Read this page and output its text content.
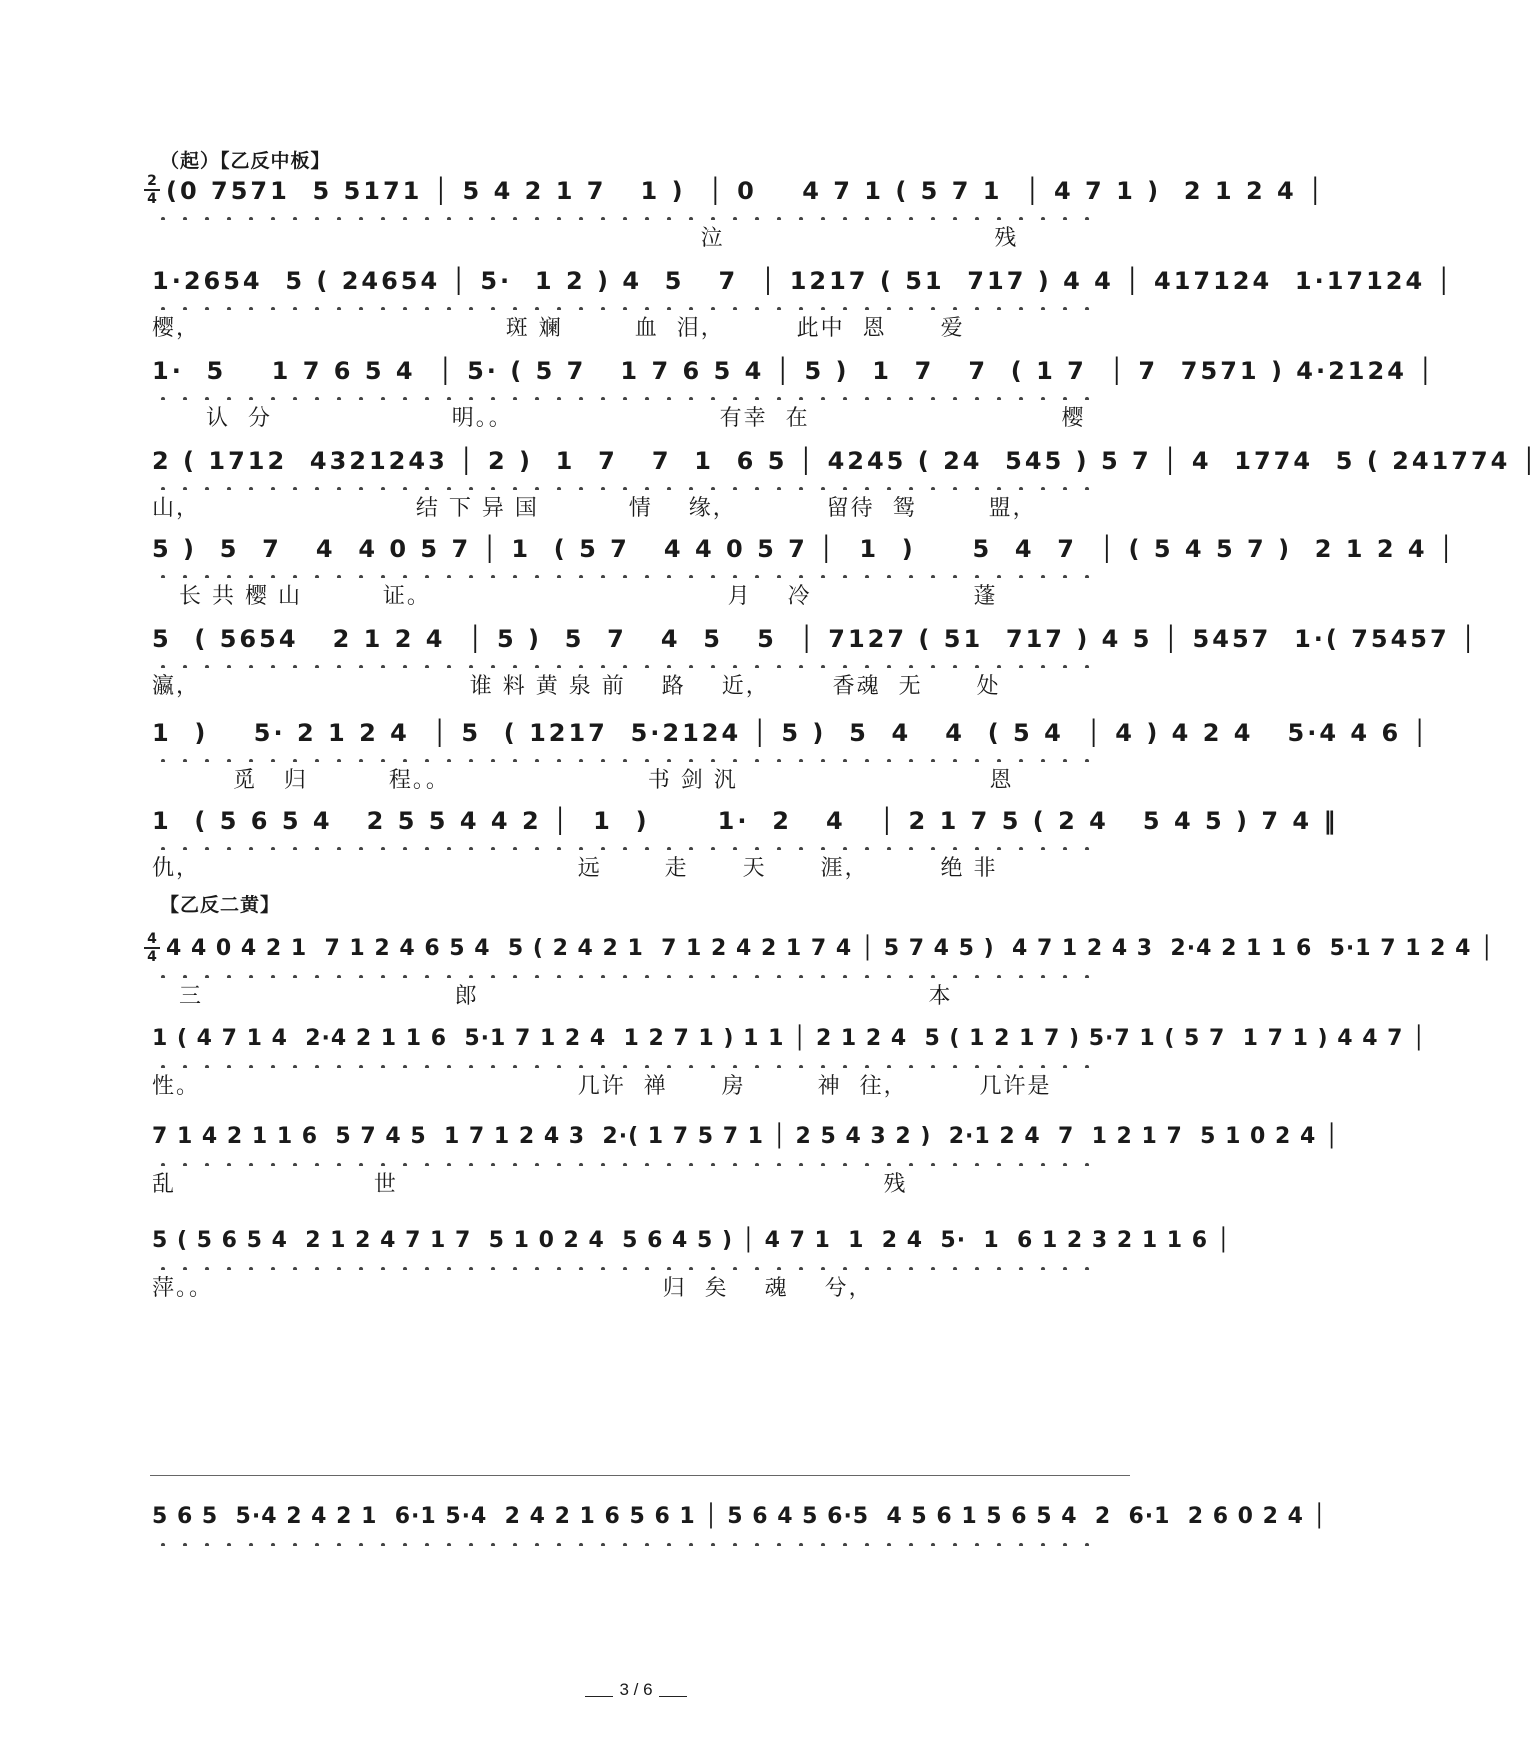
（起）【乙反中板】
2
4 (0 7571  5 5171 │ 5 4 2 1 7   1 )  │ 0    4 7 1 ( 5 7 1  │ 4 7 1 )  2 1 2 4 │
泣                              残
1·2654  5 ( 24654 │ 5·  1 2 ) 4  5   7  │ 1217 ( 51  717 ) 4 4 │ 417124  1·17124 │
樱，                                  斑 斓        血  泪，        此中  恩      爱
1·  5    1 7 6 5 4  │ 5· ( 5 7   1 7 6 5 4 │ 5 )  1  7   7  ( 1 7  │ 7  7571 ) 4·2124 │
认  分                    明。。                       有幸  在                            樱
2 ( 1712  4321243 │ 2 )  1  7   7  1  6 5 │ 4245 ( 24  545 ) 5 7 │ 4  1774  5 ( 241774 │
山，                        结 下 异 国          情    缘，          留待  鸳        盟，
5 )  5  7   4  4 0 5 7 │ 1  ( 5 7   4 4 0 5 7 │  1  )     5  4  7  │ ( 5 4 5 7 )  2 1 2 4 │
长 共 樱 山         证。                                 月    冷                  蓬
5  ( 5654   2 1 2 4  │ 5 )  5  7   4  5   5  │ 7127 ( 51  717 ) 4 5 │ 5457  1·( 75457 │
瀛，                              谁 料 黄 泉 前    路    近，       香魂  无      处
1  )    5· 2 1 2 4  │ 5  ( 1217  5·2124 │ 5 )  5  4   4  ( 5 4  │ 4 ) 4 2 4   5·4 4 6 │
觅   归         程。。                      书 剑 汎                            恩
1  ( 5 6 5 4   2 5 5 4 4 2 │  1  )      1·  2   4   │ 2 1 7 5 ( 2 4   5 4 5 ) 7 4 ‖
仇，                                          远       走      天      涯，        绝 非
【乙反二黄】
4
4 4 4 0 4 2 1  7 1 2 4 6 5 4  5 ( 2 4 2 1  7 1 2 4 2 1 7 4 │ 5 7 4 5 )  4 7 1 2 4 3  2·4 2 1 1 6  5·1 7 1 2 4 │
三                            郎                                                  本
1 ( 4 7 1 4  2·4 2 1 1 6  5·1 7 1 2 4  1 2 7 1 ) 1 1 │ 2 1 2 4  5 ( 1 2 1 7 ) 5·7 1 ( 5 7  1 7 1 ) 4 4 7 │
性。                                          几许  禅      房        神  往，        几许是
7 1 4 2 1 1 6  5 7 4 5  1 7 1 2 4 3  2·( 1 7 5 7 1 │ 2 5 4 3 2 )  2·1 2 4  7  1 2 1 7  5 1 0 2 4 │
乱                      世                                                      残
5 ( 5 6 5 4  2 1 2 4 7 1 7  5 1 0 2 4  5 6 4 5 ) │ 4 7 1  1  2 4  5·  1  6 1 2 3 2 1 1 6 │
萍。。                                                  归  矣    魂    兮，
5 6 5  5·4 2 4 2 1  6·1 5·4  2 4 2 1 6 5 6 1 │ 5 6 4 5 6·5  4 5 6 1 5 6 5 4  2  6·1  2 6 0 2 4 │
3 / 6
